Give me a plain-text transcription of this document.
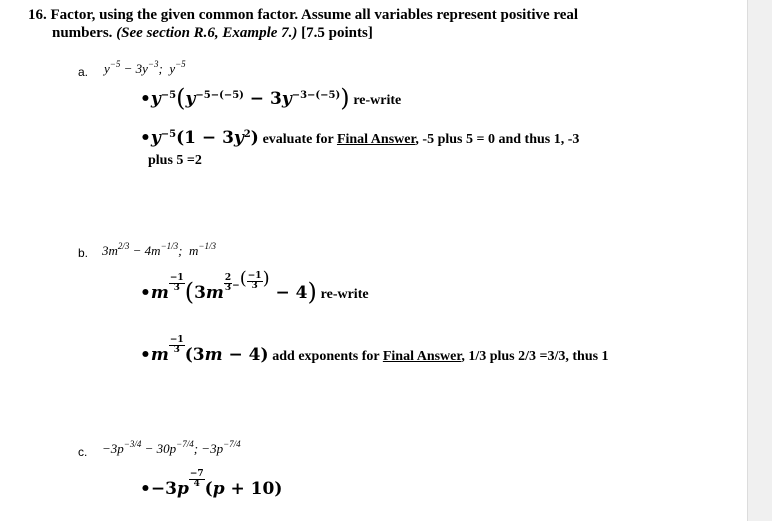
16. Factor, using the given common factor. Assume all variables represent positive real
numbers. (See section R.6, Example 7.) [7.5 points]
a. $y^{-5} - 3y^{-3}$;  $y^{-5}$
$•y^{-5}(y^{-5-(-5)} - 3y^{-3-(-5)})$ re-write
$•y^{-5}(1 - 3y^2)$ evaluate for Final Answer, -5 plus 5 = 0 and thus 1, -3
plus 5 =2
b. $3m^{2/3} - 4m^{-1/3}$;  $m^{-1/3}$
•m $\frac{-1}{3} (3m \frac{2}{3}$ −( $\frac{-1}{3}$ ) − 4) re-write
•m $\frac{-1}{3} (3m - 4)$ add exponents for Final Answer, 1/3 plus 2/3 =3/3, thus 1
c. $-3p^{-3/4} - 30p^{-7/4}$; $-3p^{-7/4}$
•−3p $\frac{-7}{4} (p + 10)$
